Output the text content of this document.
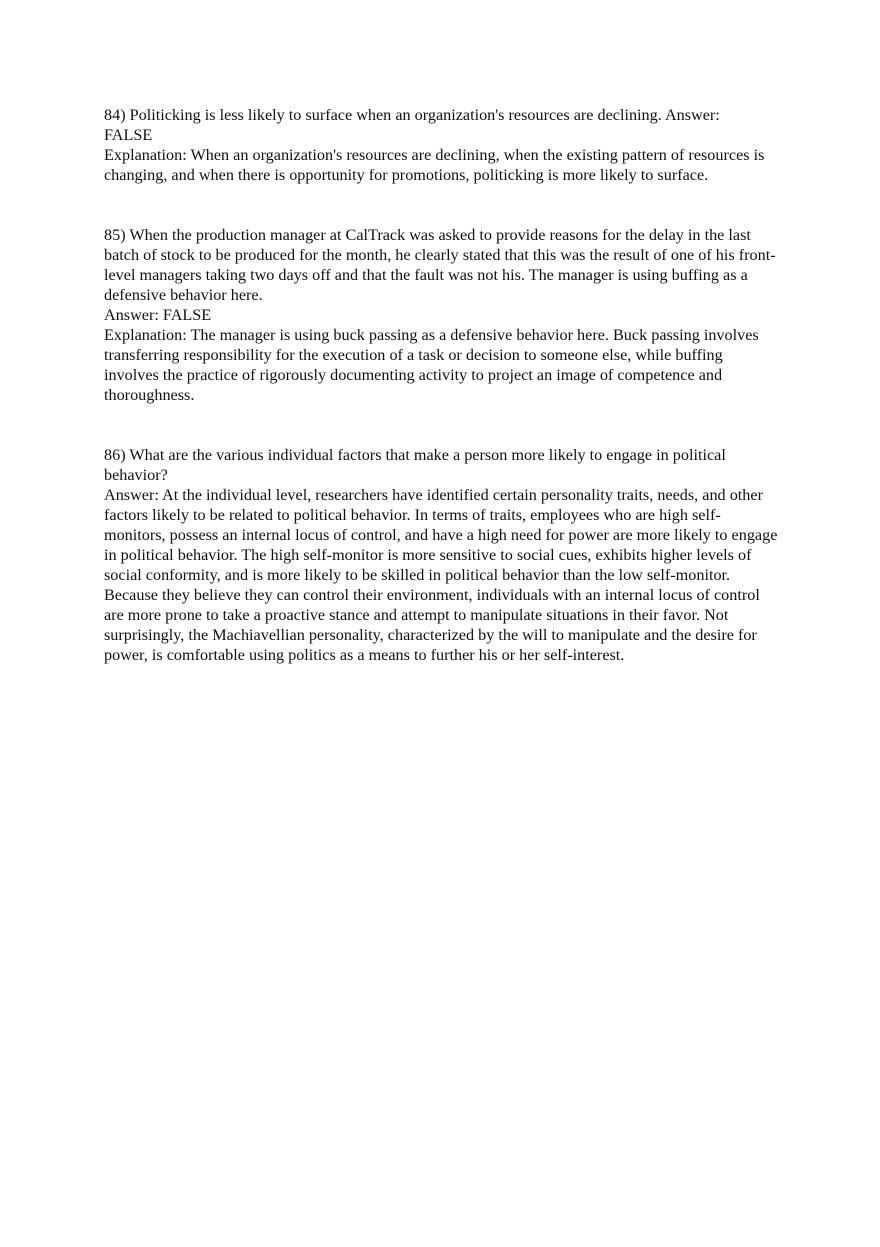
84) Politicking is less likely to surface when an organization's resources are declining. Answer:
FALSE

Explanation: When an organization's resources are declining, when the existing pattern of resources is changing, and when there is opportunity for promotions, politicking is more likely to surface.

85) When the production manager at CalTrack was asked to provide reasons for the delay in the last batch of stock to be produced for the month, he clearly stated that this was the result of one of his front-level managers taking two days off and that the fault was not his. The manager is using buffing as a defensive behavior here.

Answer: FALSE

Explanation: The manager is using buck passing as a defensive behavior here. Buck passing involves transferring responsibility for the execution of a task or decision to someone else, while buffing involves the practice of rigorously documenting activity to project an image of competence and thoroughness.

86) What are the various individual factors that make a person more likely to engage in political behavior?

Answer: At the individual level, researchers have identified certain personality traits, needs, and other factors likely to be related to political behavior. In terms of traits, employees who are high self-monitors, possess an internal locus of control, and have a high need for power are more likely to engage in political behavior. The high self-monitor is more sensitive to social cues, exhibits higher levels of social conformity, and is more likely to be skilled in political behavior than the low self-monitor. Because they believe they can control their environment, individuals with an internal locus of control are more prone to take a proactive stance and attempt to manipulate situations in their favor. Not surprisingly, the Machiavellian personality, characterized by the will to manipulate and the desire for power, is comfortable using politics as a means to further his or her self-interest.
